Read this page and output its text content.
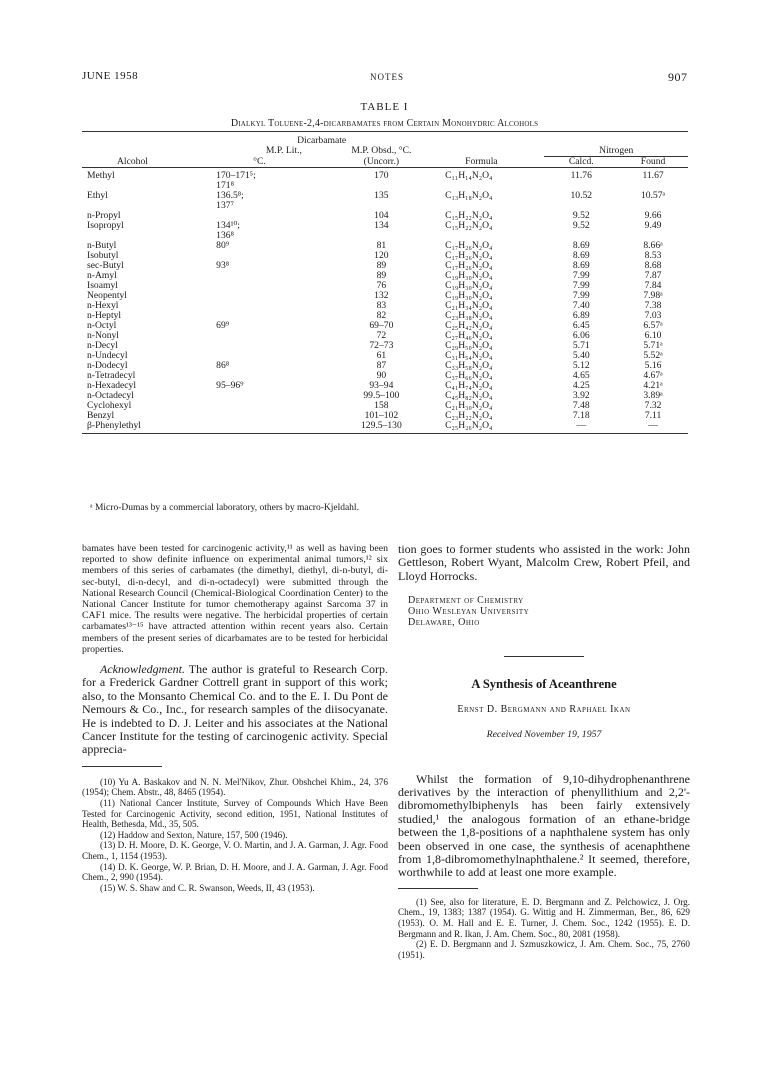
JUNE 1958	NOTES	907
TABLE I
Dialkyl Toluene-2,4-dicarbamates from Certain Monohydric Alcohols

	Dicarbamate				
	M.P. Lit.,	M.P. Obsd., °C.		Nitrogen	
Alcohol	°C.	(Uncorr.)	Formula	Calcd.	Found
Methyl	170–171⁵;	170	C₁₁H₁₄N₂O₄	11.76	11.67
	171⁸				
Ethyl	136.5⁸;	135	C₁₃H₁₈N₂O₄	10.52	10.57ᵃ
	137⁷				
n-Propyl		104	C₁₅H₂₂N₂O₄	9.52	9.66
Isopropyl	134¹⁰;	134	C₁₅H₂₂N₂O₄	9.52	9.49
	136⁸				
n-Butyl	80⁹	81	C₁₇H₂₆N₂O₄	8.69	8.66ᵃ
Isobutyl		120	C₁₇H₂₆N₂O₄	8.69	8.53
sec-Butyl	93⁸	89	C₁₇H₂₆N₂O₄	8.69	8.68
n-Amyl		89	C₁₉H₃₀N₂O₄	7.99	7.87
Isoamyl		76	C₁₉H₃₀N₂O₄	7.99	7.84
Neopentyl		132	C₁₉H₃₀N₂O₄	7.99	7.98ᵃ
n-Hexyl		83	C₂₁H₃₄N₂O₄	7.40	7.38
n-Heptyl		82	C₂₃H₃₈N₂O₄	6.89	7.03
n-Octyl	69⁹	69–70	C₂₅H₄₂N₂O₄	6.45	6.57ᵃ
n-Nonyl		72	C₂₇H₄₆N₂O₄	6.06	6.10
n-Decyl		72–73	C₂₉H₅₀N₂O₄	5.71	5.71ᵃ
n-Undecyl		61	C₃₁H₅₄N₂O₄	5.40	5.52ᵃ
n-Dodecyl	86⁸	87	C₃₃H₅₈N₂O₄	5.12	5.16
n-Tetradecyl		90	C₃₇H₆₆N₂O₄	4.65	4.67ᵃ
n-Hexadecyl	95–96⁹	93–94	C₄₁H₇₄N₂O₄	4.25	4.21ᵃ
n-Octadecyl		99.5–100	C₄₅H₈₂N₂O₄	3.92	3.89ᵃ
Cyclohexyl		158	C₂₁H₃₀N₂O₄	7.48	7.32
Benzyl		101–102	C₂₃H₂₂N₂O₄	7.18	7.11
β-Phenylethyl		129.5–130	C₂₅H₂₆N₂O₄	—	—
ᵃ Micro-Dumas by a commercial laboratory, others by macro-Kjeldahl.

bamates have been tested for carcinogenic activity,¹¹ as well as having been reported to show definite influence on experimental animal tumors,¹² six members of this series of carbamates (the dimethyl, diethyl, di-n-butyl, di-sec-butyl, di-n-decyl, and di-n-octadecyl) were submitted through the National Research Council (Chemical-Biological Coordination Center) to the National Cancer Institute for tumor chemotherapy against Sarcoma 37 in CAF1 mice. The results were negative. The herbicidal properties of certain carbamates¹³⁻¹⁵ have attracted attention within recent years also. Certain members of the present series of dicarbamates are to be tested for herbicidal properties.

Acknowledgment. The author is grateful to Research Corp. for a Frederick Gardner Cottrell grant in support of this work; also, to the Monsanto Chemical Co. and to the E. I. Du Pont de Nemours & Co., Inc., for research samples of the diisocyanate. He is indebted to D. J. Leiter and his associates at the National Cancer Institute for the testing of carcinogenic activity. Special apprecia-

(10) Yu A. Baskakov and N. N. Mel'Nikov, Zhur. Obshchei Khim., 24, 376 (1954); Chem. Abstr., 48, 8465 (1954).

(11) National Cancer Institute, Survey of Compounds Which Have Been Tested for Carcinogenic Activity, second edition, 1951, National Institutes of Health, Bethesda, Md., 35, 505.

(12) Haddow and Sexton, Nature, 157, 500 (1946).

(13) D. H. Moore, D. K. George, V. O. Martin, and J. A. Garman, J. Agr. Food Chem., 1, 1154 (1953).

(14) D. K. George, W. P. Brian, D. H. Moore, and J. A. Garman, J. Agr. Food Chem., 2, 990 (1954).

(15) W. S. Shaw and C. R. Swanson, Weeds, II, 43 (1953).

tion goes to former students who assisted in the work: John Gettleson, Robert Wyant, Malcolm Crew, Robert Pfeil, and Lloyd Horrocks.

Department of Chemistry
Ohio Wesleyan University
Delaware, Ohio
A Synthesis of Aceanthrene
Ernst D. Bergmann and Raphael Ikan
Received November 19, 1957

Whilst the formation of 9,10-dihydrophenanthrene derivatives by the interaction of phenyllithium and 2,2'-dibromomethylbiphenyls has been fairly extensively studied,¹ the analogous formation of an ethane-bridge between the 1,8-positions of a naphthalene system has only been observed in one case, the synthesis of acenaphthene from 1,8-dibromomethylnaphthalene.² It seemed, therefore, worthwhile to add at least one more example.

(1) See, also for literature, E. D. Bergmann and Z. Pelchowicz, J. Org. Chem., 19, 1383; 1387 (1954). G. Wittig and H. Zimmerman, Ber., 86, 629 (1953). O. M. Hall and E. E. Turner, J. Chem. Soc., 1242 (1955). E. D. Bergmann and R. Ikan, J. Am. Chem. Soc., 80, 2081 (1958).

(2) E. D. Bergmann and J. Szmuszkowicz, J. Am. Chem. Soc., 75, 2760 (1951).
